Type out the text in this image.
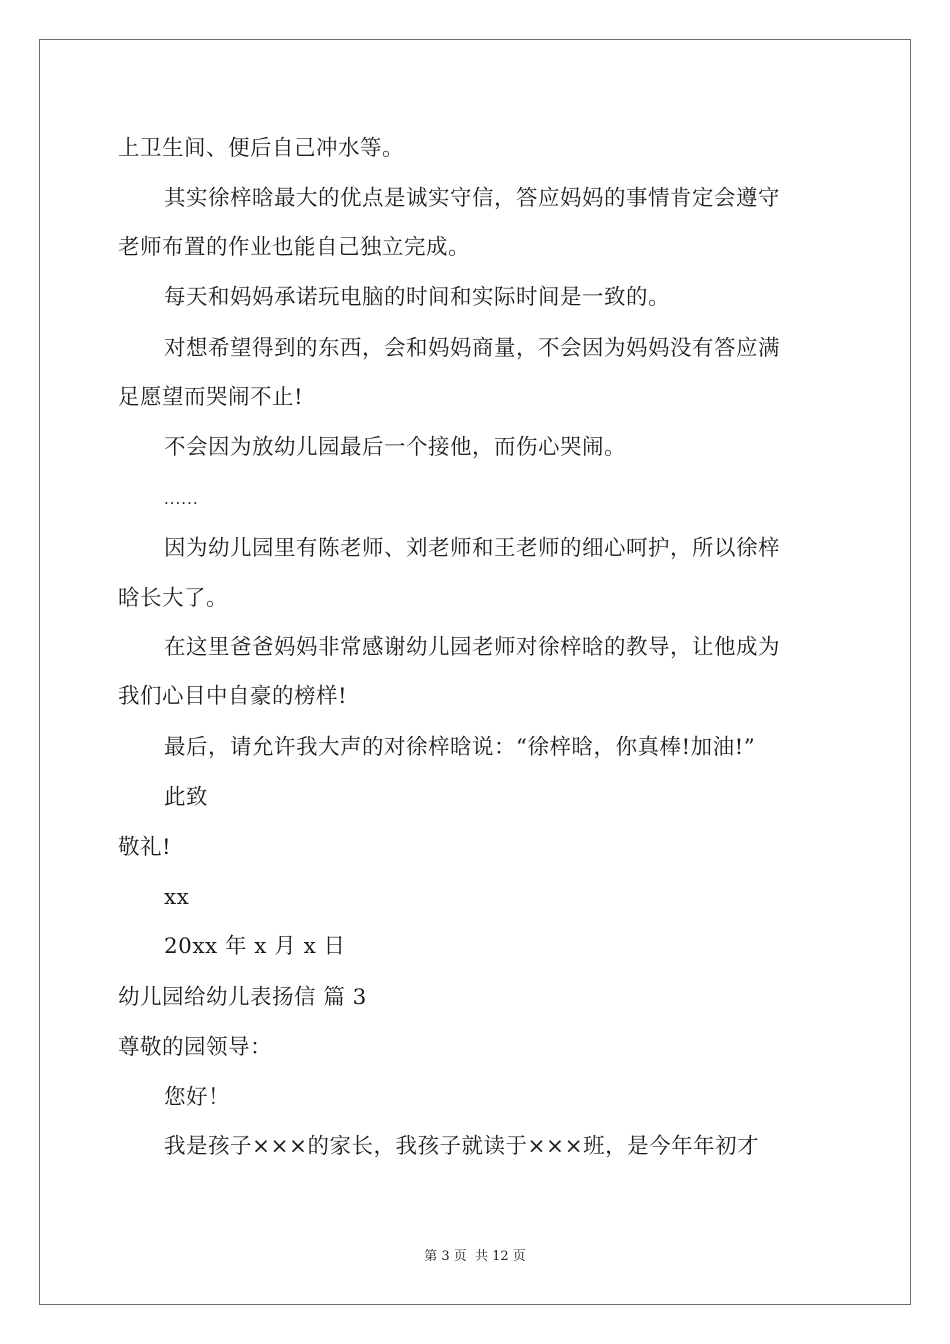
上卫生间、便后自己冲水等。
其实徐梓晗最大的优点是诚实守信，答应妈妈的事情肯定会遵守
老师布置的作业也能自己独立完成。
每天和妈妈承诺玩电脑的时间和实际时间是一致的。
对想希望得到的东西，会和妈妈商量，不会因为妈妈没有答应满
足愿望而哭闹不止!
不会因为放幼儿园最后一个接他，而伤心哭闹。
······
因为幼儿园里有陈老师、刘老师和王老师的细心呵护，所以徐梓
晗长大了。
在这里爸爸妈妈非常感谢幼儿园老师对徐梓晗的教导，让他成为
我们心目中自豪的榜样!
最后，请允许我大声的对徐梓晗说：“徐梓晗，你真棒!加油!”
此致
敬礼!
xx
20xx 年 x 月 x 日
幼儿园给幼儿表扬信 篇 3
尊敬的园领导：
您好！
我是孩子×××的家长，我孩子就读于×××班，是今年年初才
第 3 页 共 12 页
